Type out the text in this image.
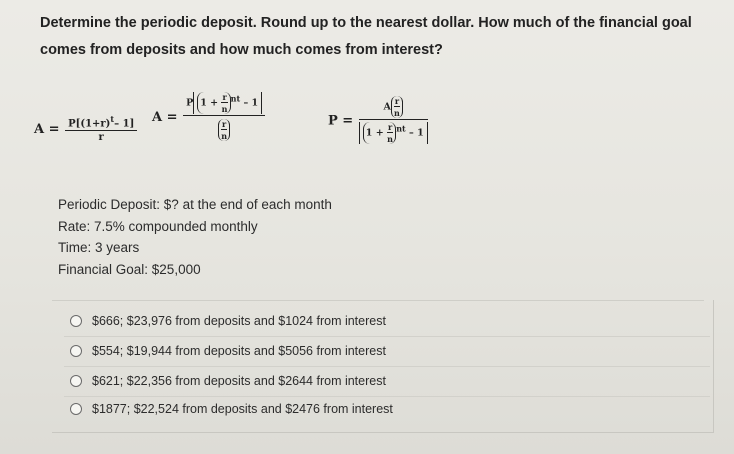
Determine the periodic deposit. Round up to the nearest dollar. How much of the financial goal comes from deposits and how much comes from interest?
$A = \frac{P[(1+r)^t- 1]}{r}$ $A = \frac{P 1 + \frac{r}{n} ^{nt} - 1}{\frac{r}{n}}$	$P = \frac{A \frac{r}{n}}{1 + \frac{r}{n} ^{nt} - 1}$
Periodic Deposit: $? at the end of each month
Rate: 7.5% compounded monthly
Time: 3 years
Financial Goal: $25,000
$666; $23,976 from deposits and $1024 from interest
$554; $19,944 from deposits and $5056 from interest
$621; $22,356 from deposits and $2644 from interest
$1877; $22,524 from deposits and $2476 from interest
